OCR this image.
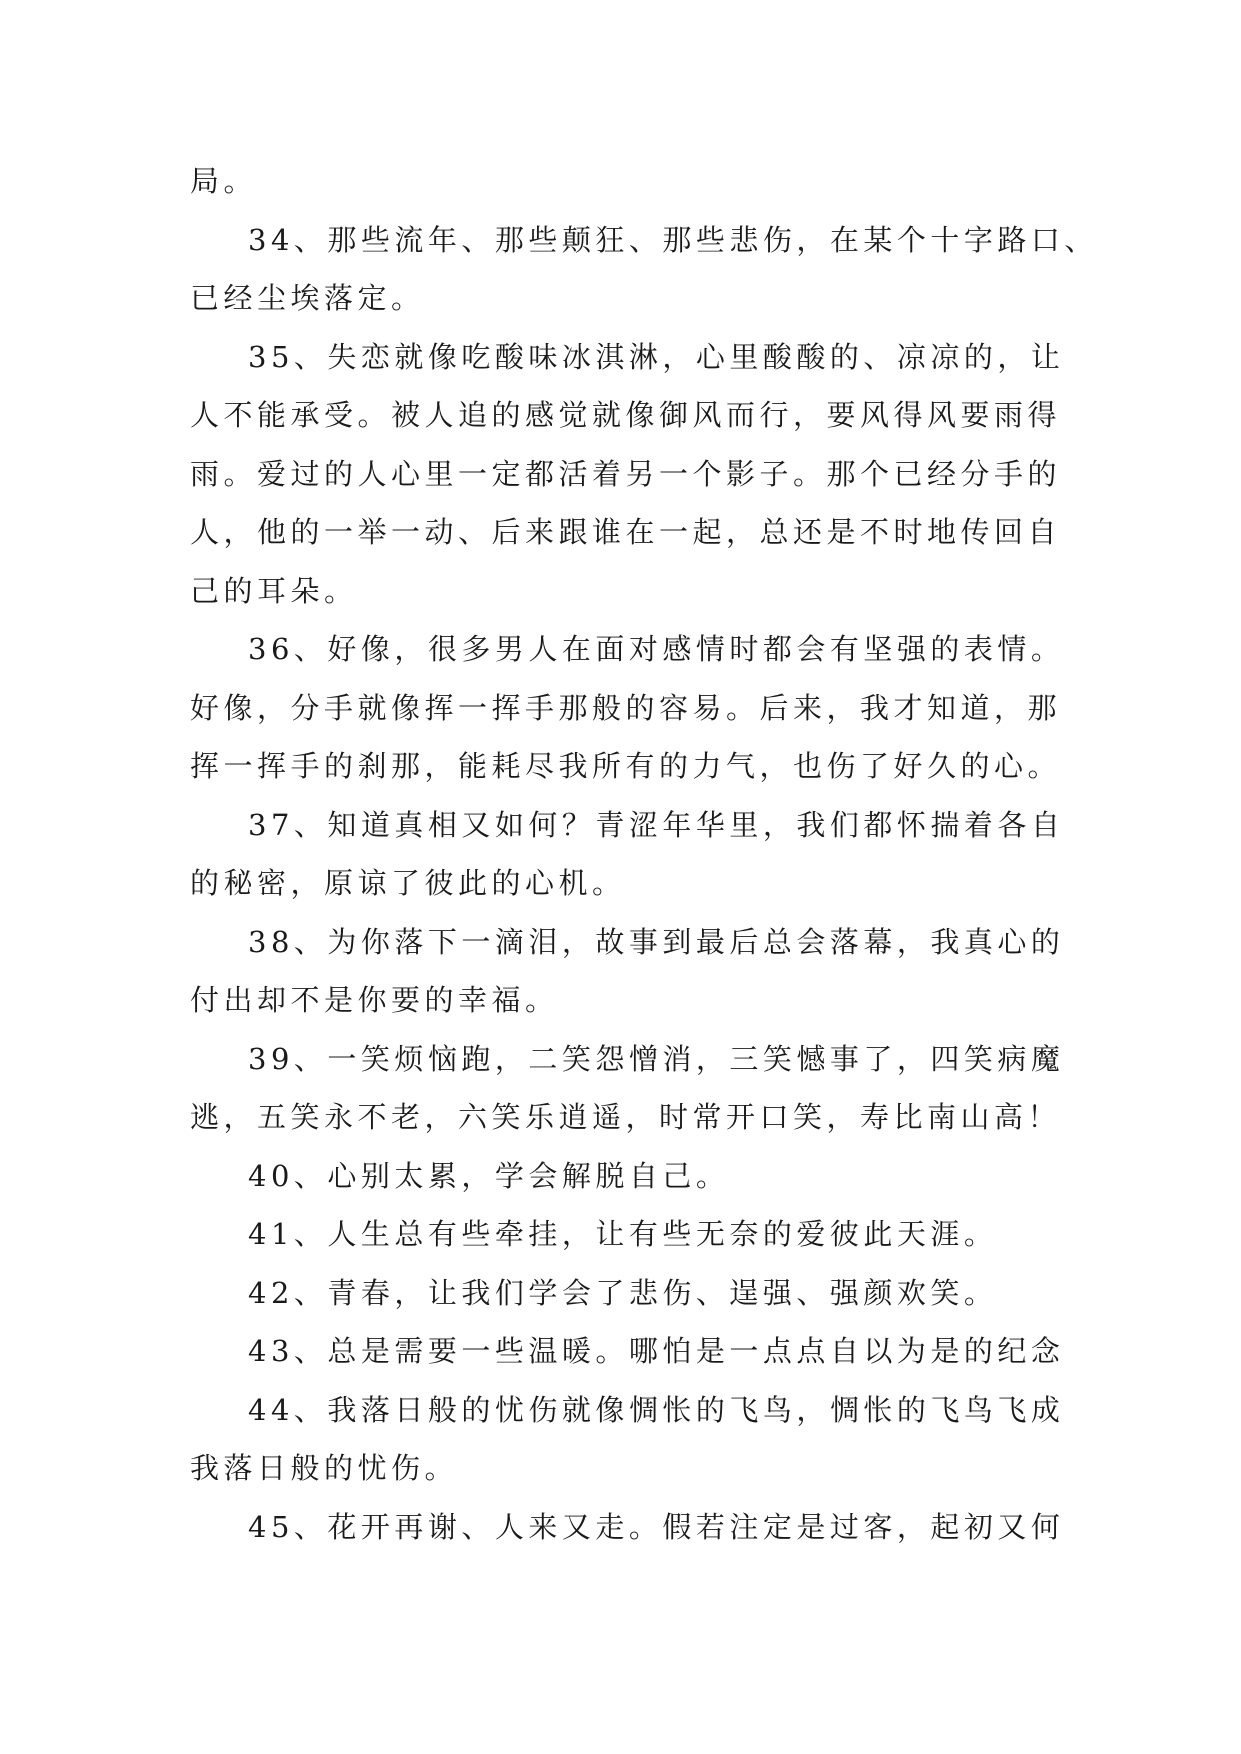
局。

34、那些流年、那些颠狂、那些悲伤，在某个十字路口、
已经尘埃落定。

35、失恋就像吃酸味冰淇淋，心里酸酸的、凉凉的，让
人不能承受。被人追的感觉就像御风而行，要风得风要雨得
雨。爱过的人心里一定都活着另一个影子。那个已经分手的
人，他的一举一动、后来跟谁在一起，总还是不时地传回自
己的耳朵。

36、好像，很多男人在面对感情时都会有坚强的表情。
好像，分手就像挥一挥手那般的容易。后来，我才知道，那
挥一挥手的刹那，能耗尽我所有的力气，也伤了好久的心。

37、知道真相又如何？青涩年华里，我们都怀揣着各自
的秘密，原谅了彼此的心机。

38、为你落下一滴泪，故事到最后总会落幕，我真心的
付出却不是你要的幸福。

39、一笑烦恼跑，二笑怨憎消，三笑憾事了，四笑病魔
逃，五笑永不老，六笑乐逍遥，时常开口笑，寿比南山高！

40、心别太累，学会解脱自己。

41、人生总有些牵挂，让有些无奈的爱彼此天涯。

42、青春，让我们学会了悲伤、逞强、强颜欢笑。

43、总是需要一些温暖。哪怕是一点点自以为是的纪念

44、我落日般的忧伤就像惆怅的飞鸟，惆怅的飞鸟飞成
我落日般的忧伤。

45、花开再谢、人来又走。假若注定是过客，起初又何
